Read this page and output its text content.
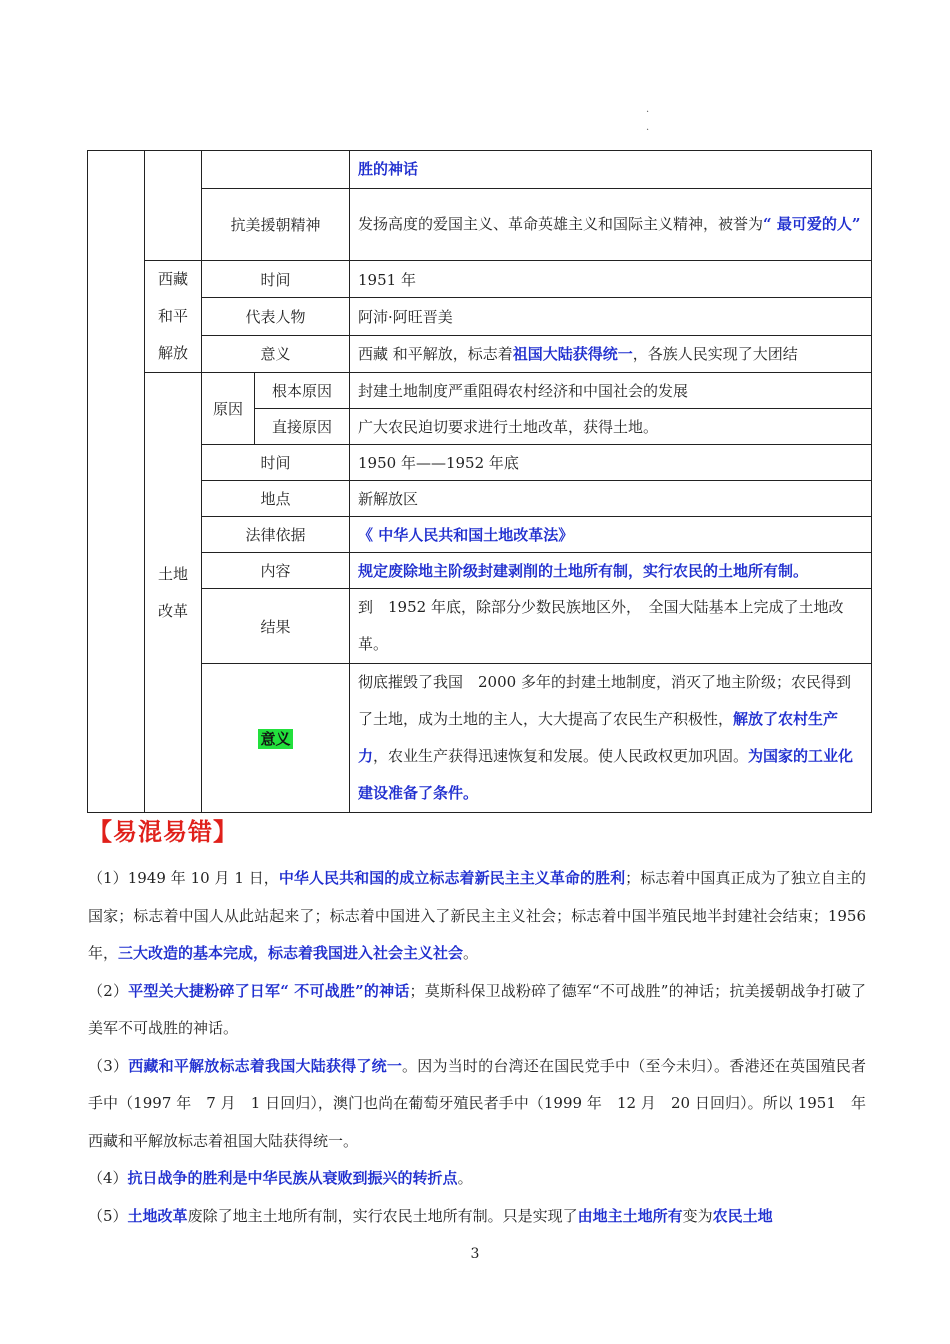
·
·
				胜的神话
		抗美援朝精神		发扬高度的爱国主义、革命英雄主义和国际主义精神，被誉为“ 最可爱的人”
	西藏和平解放	时间		1951 年
		代表人物		阿沛·阿旺晋美
		意义		西藏 和平解放，标志着祖国大陆获得统一，各族人民实现了大团结
	土地改革	原因	根本原因	封建土地制度严重阻碍农村经济和中国社会的发展
			直接原因	广大农民迫切要求进行土地改革，获得土地。
		时间		1950 年——1952 年底
		地点		新解放区
		法律依据		《 中华人民共和国土地改革法》
		内容		规定废除地主阶级封建剥削的土地所有制，实行农民的土地所有制。
		结果		到　1952 年底，除部分少数民族地区外，　全国大陆基本上完成了土地改革。
		意义		彻底摧毁了我国　2000 多年的封建土地制度，消灭了地主阶级；农民得到了土地，成为土地的主人，大大提高了农民生产积极性，解放了农村生产力，农业生产获得迅速恢复和发展。使人民政权更加巩固。为国家的工业化建设准备了条件。
【易混易错】

（1）1949 年 10 月 1 日，中华人民共和国的成立标志着新民主主义革命的胜利；标志着中国真正成为了独立自主的国家；标志着中国人从此站起来了；标志着中国进入了新民主主义社会；标志着中国半殖民地半封建社会结束；1956 年，三大改造的基本完成，标志着我国进入社会主义社会。

（2）平型关大捷粉碎了日军“ 不可战胜”的神话；莫斯科保卫战粉碎了德军“不可战胜”的神话；抗美援朝战争打破了美军不可战胜的神话。

（3）西藏和平解放标志着我国大陆获得了统一。因为当时的台湾还在国民党手中（至今未归）。香港还在英国殖民者手中（1997 年　7 月　1 日回归），澳门也尚在葡萄牙殖民者手中（1999 年　12 月　20 日回归）。所以 1951　年西藏和平解放标志着祖国大陆获得统一。

（4）抗日战争的胜利是中华民族从衰败到振兴的转折点。

（5）土地改革废除了地主土地所有制，实行农民土地所有制。只是实现了由地主土地所有变为农民土地

3
